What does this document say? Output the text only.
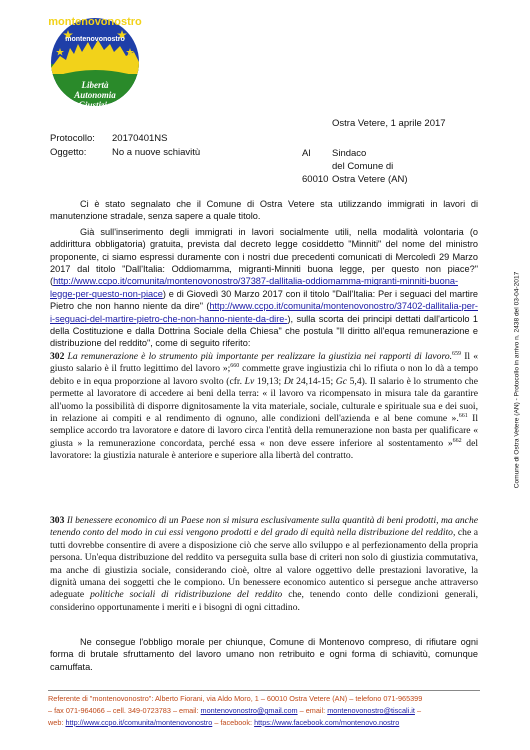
montenovonostro
montenovonostro
Libertà
Autonomia
Giustizia
Ostra Vetere, 1 aprile 2017
Protocollo: 20170401NS
Oggetto:	No a nuove schiavitù	Al	Sindaco
del Comune di
60010 Ostra Vetere (AN)

Ci è stato segnalato che il Comune di Ostra Vetere sta utilizzando immigrati in lavori di manutenzione stradale, senza sapere a quale titolo.

Già sull'inserimento degli immigrati in lavori socialmente utili, nella modalità volontaria (o addirittura obbligatoria) gratuita, prevista dal decreto legge cosiddetto "Minniti" del nome del ministro proponente, ci siamo espressi duramente con i nostri due precedenti comunicati di Mercoledì 29 Marzo 2017 dal titolo "Dall'Italia: Oddiomamma, migranti-Minniti buona legge, per questo non piace?" (http://www.ccpo.it/comunita/montenovonostro/37387-dallitalia-oddiomamma-migranti-minniti-buona-legge-per-questo-non-piace) e di Giovedì 30 Marzo 2017 con il titolo "Dall'Italia: Per i seguaci del martire Pietro che non hanno niente da dire" (http://www.ccpo.it/comunita/montenovonostro/37402-dallitalia-per-i-seguaci-del-martire-pietro-che-non-hanno-niente-da-dire-), sulla scorta dei principi dettati dall'articolo 1 della Costituzione e dalla Dottrina Sociale della Chiesa" che postula "Il diritto all'equa remunerazione e distribuzione del reddito", come di seguito riferito:

302 La remunerazione è lo strumento più importante per realizzare la giustizia nei rapporti di lavoro.$^{659}$ Il « giusto salario è il frutto legittimo del lavoro »;$^{660}$ commette grave ingiustizia chi lo rifiuta o non lo dà a tempo debito e in equa proporzione al lavoro svolto (cfr. Lv 19,13; Dt 24,14-15; Gc 5,4). Il salario è lo strumento che permette al lavoratore di accedere ai beni della terra: « il lavoro va ricompensato in misura tale da garantire all'uomo la possibilità di disporre dignitosamente la vita materiale, sociale, culturale e spirituale sua e dei suoi, in relazione ai compiti e al rendimento di ognuno, alle condizioni dell'azienda e al bene comune ».$^{661}$ Il semplice accordo tra lavoratore e datore di lavoro circa l'entità della remunerazione non basta per qualificare « giusta » la remunerazione concordata, perché essa « non deve essere inferiore al sostentamento »$^{662}$ del lavoratore: la giustizia naturale è anteriore e superiore alla libertà del contratto.
303 Il benessere economico di un Paese non si misura esclusivamente sulla quantità di beni prodotti, ma anche tenendo conto del modo in cui essi vengono prodotti e del grado di equità nella distribuzione del reddito, che a tutti dovrebbe consentire di avere a disposizione ciò che serve allo sviluppo e al perfezionamento della propria persona. Un'equa distribuzione del reddito va perseguita sulla base di criteri non solo di giustizia commutativa, ma anche di giustizia sociale, considerando cioè, oltre al valore oggettivo delle prestazioni lavorative, la dignità umana dei soggetti che le compiono. Un benessere economico autentico si persegue anche attraverso adeguate politiche sociali di ridistribuzione del reddito che, tenendo conto delle condizioni generali, considerino opportunamente i meriti e i bisogni di ogni cittadino.

Ne consegue l'obbligo morale per chiunque, Comune di Montenovo compreso, di rifiutare ogni forma di brutale sfruttamento del lavoro umano non retribuito e ogni forma di schiavitù, comunque camuffata.

Comune di Ostra Vetere (AN) - Protocollo in arrivo n. 2438 del 03-04-2017
Referente di "montenovonostro": Alberto Fiorani, via Aldo Moro, 1 – 60010 Ostra Vetere (AN) – telefono 071-965399
– fax 071-964066 – cell. 349-0723783 – email: montenovonostro@gmail.com – email: montenovonostro@tiscali.it –
web: http://www.ccpo.it/comunita/montenovonostro – facebook: https://www.facebook.com/montenovo.nostro
